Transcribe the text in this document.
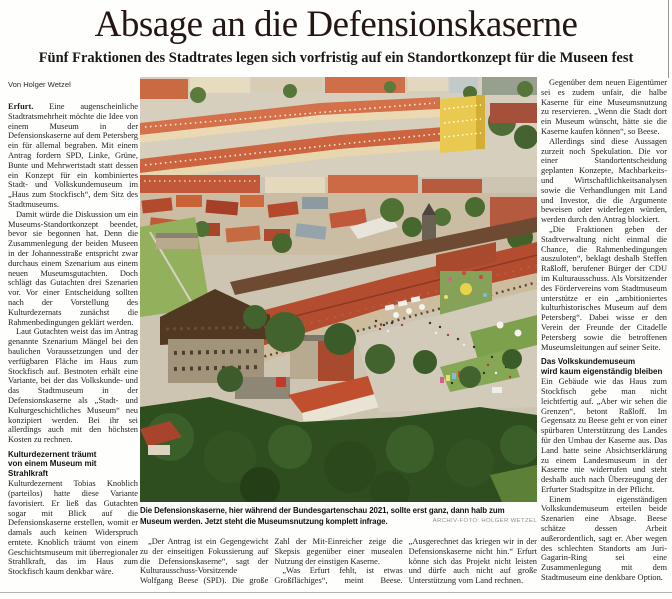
Absage an die Defensionskaserne
Fünf Fraktionen des Stadtrates legen sich vorfristig auf ein Standortkonzept für die Museen fest
Von Holger Wetzel

Erfurt. Eine augenscheinliche Stadtratsmehrheit möchte die Idee von einem Museum in der Defensionskaserne auf dem Petersberg ein für allemal begraben. Mit einem Antrag fordern SPD, Linke, Grüne, Bunte und Mehrwertstadt statt dessen ein Konzept für ein kombiniertes Stadt- und Volkskundemuseum im „Haus zum Stockfisch“, dem Sitz des Stadtmuseums.

Damit würde die Diskussion um ein Museums-Standortkonzept beendet, bevor sie begonnen hat. Denn die Zusammenlegung der beiden Museen in der Johannesstraße entspricht zwar durchaus einem Szenarium aus einem neuen Museumsgutachten. Doch schlägt das Gutachten drei Szenarien vor. Vor einer Entscheidung sollten nach der Vorstellung des Kulturdezernats zunächst die Rahmenbedingungen geklärt werden.

Laut Gutachten weist das im Antrag genannte Szenarium Mängel bei den baulichen Voraussetzungen und der verfügbaren Fläche im Haus zum Stockfisch auf. Bestnoten erhält eine Variante, bei der das Volkskunde- und das Stadtmuseum in der Defensionskaserne als „Stadt- und Kulturgeschichtliches Museum“ neu konzipiert werden. Bei ihr sei allerdings auch mit den höchsten Kosten zu rechnen.

Kulturdezernent träumt
von einem Museum mit Strahlkraft

Kulturdezernent Tobias Knoblich (parteilos) hatte diese Variante favorisiert. Er ließ das Gutachten sogar mit Blick auf die Defensionskaserne erstellen, womit er damals auch keinen Widerspruch erntete. Knoblich träumt von einem Geschichtsmuseum mit überregionaler Strahlkraft, das im Haus zum Stockfisch kaum denkbar wäre.

Die Defensionskaserne, hier während der Bundesgartenschau 2021, sollte erst ganz, dann halb zum Museum werden. Jetzt steht die Museumsnutzung komplett infrage.	ARCHIV-FOTO: HOLGER WETZEL

„Der Antrag ist ein Gegengewicht zu der einseitigen Fokussierung auf die Defensionskaserne“, sagt der Kulturausschuss-Vorsitzende Wolfgang Beese (SPD). Die große Zahl der Mit-Einreicher zeige die Skepsis gegenüber einer musealen Nutzung der einstigen Kaserne.

„Was Erfurt fehlt, ist etwas Großflächiges“, meint Beese. „Ausgerechnet das kriegen wir in der Defensionskaserne nicht hin.“ Erfurt könne sich das Projekt nicht leisten und dürfe auch nicht auf große Unterstützung vom Land rechnen.

Gegenüber dem neuen Eigentümer sei es zudem unfair, die halbe Kaserne für eine Museumsnutzung zu reservieren. „Wenn die Stadt dort ein Museum wünscht, hätte sie die Kaserne kaufen können“, so Beese.

Allerdings sind diese Aussagen zurzeit noch Spekulation. Die vor einer Standortentscheidung geplanten Konzepte, Machbarkeits- und Wirtschaftlichkeitsanalysen sowie die Verhandlungen mit Land und Investor, die die Argumente beweisen oder widerlegen würden, werden durch den Antrag blockiert.

„Die Fraktionen geben der Stadtverwaltung nicht einmal die Chance, die Rahmenbedingungen auszuloten“, beklagt deshalb Steffen Raßloff, berufener Bürger der CDU im Kulturausschuss. Als Vorsitzender des Fördervereins vom Stadtmuseum unterstütze er ein „ambitioniertes kulturhistorisches Museum auf dem Petersberg“. Dabei wisse er den Verein der Freunde der Citadelle Petersberg sowie die betroffenen Museumsleitungen auf seiner Seite.

Das Volkskundemuseum
wird kaum eigenständig bleiben

Ein Gebäude wie das Haus zum Stockfisch gebe man nicht leichtfertig auf. „Aber wir sehen die Grenzen“, betont Raßloff. Im Gegensatz zu Beese geht er von einer spürbaren Unterstützung des Landes für den Umbau der Kaserne aus. Das Land hatte seine Absichtserklärung zu einem Landesmuseum in der Kaserne nie widerrufen und steht deshalb auch nach Überzeugung der Erfurter Stadtspitze in der Pflicht.

Einem eigenständigen Volkskundemuseum erteilen beide Szenarien eine Absage. Beese schätze dessen Arbeit außerordentlich, sagt er. Aber wegen des schlechten Standorts am Juri-Gagarin-Ring sei eine Zusammenlegung mit dem Stadtmuseum eine denkbare Option.
